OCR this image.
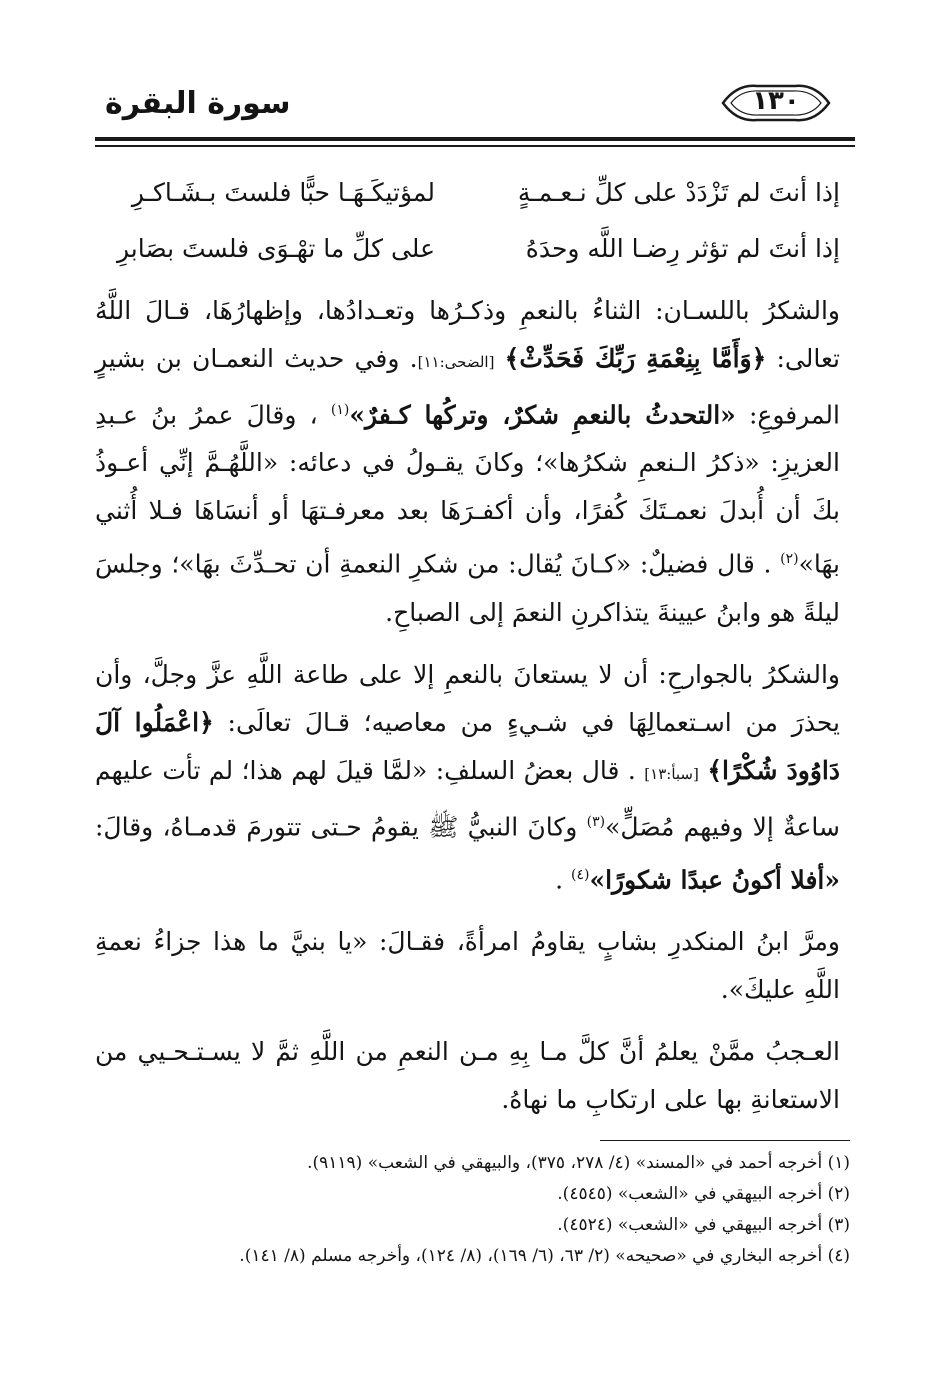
سورة البقرة	١٣٠
إذا أنتَ لم تَزْدَدْ على كلِّ نـعـمـةٍ
لمؤتيكَـهَـا حبًّا فلستَ بـشَـاكـرِ
إذا أنتَ لم تؤثر رِضـا اللَّه وحدَهُ
على كلِّ ما تهْـوَى فلستَ بصَابرِ

والشكرُ باللسـان: الثناءُ بالنعمِ وذكـرُها وتعـدادُها، وإظهارُهَا، قـالَ اللَّهُ تعالى: ﴿وَأَمَّا بِنِعْمَةِ رَبِّكَ فَحَدِّثْ﴾ [الضحى:١١]. وفي حديث النعمـان بن بشيرٍ المرفوعِ: «التحدثُ بالنعمِ شكرٌ، وتركُها كـفرٌ»$^{(١)}$ ، وقالَ عمرُ بنُ عـبدِ العزيزِ: «ذكرُ الـنعمِ شكرُها»؛ وكانَ يقـولُ في دعائه: «اللَّهُـمَّ إنِّي أعـوذُ بكَ أن أُبدلَ نعمـتَكَ كُفرًا، وأن أكفـرَهَا بعد معرفـتهَا أو أنسَاهَا فـلا أُثني بهَا»$^{(٢)}$ . قال فضيلٌ: «كـانَ يُقال: من شكرِ النعمةِ أن تحـدِّثَ بهَا»؛ وجلسَ ليلةً هو وابنُ عيينةَ يتذاكرنِ النعمَ إلى الصباحِ.

والشكرُ بالجوارحِ: أن لا يستعانَ بالنعمِ إلا على طاعة اللَّهِ عزَّ وجلَّ، وأن يحذرَ من اسـتعمالِهَا في شـيءٍ من معاصيه؛ قـالَ تعالَى: ﴿اعْمَلُوا آلَ دَاوُودَ شُكْرًا﴾ [سبأ:١٣] . قال بعضُ السلفِ: «لمَّا قيلَ لهم هذا؛ لم تأت عليهم ساعةٌ إلا وفيهم مُصَلٍّ»$^{(٣)}$ وكانَ النبيُّ ﷺ يقومُ حـتى تتورمَ قدمـاهُ، وقالَ: «أفلا أكونُ عبدًا شكورًا»$^{(٤)}$ .

ومرَّ ابنُ المنكدرِ بشابٍ يقاومُ امرأةً، فقـالَ: «يا بنيَّ ما هذا جزاءُ نعمةِ اللَّهِ عليكَ».

العـجبُ ممَّنْ يعلمُ أنَّ كلَّ مـا بِهِ مـن النعمِ من اللَّهِ ثمَّ لا يسـتـحـيي من الاستعانةِ بها على ارتكابِ ما نهاهُ.

(١) أخرجه أحمد في «المسند» (٤/ ٢٧٨، ٣٧٥)، والبيهقي في الشعب» (٩١١٩).

(٢) أخرجه البيهقي في «الشعب» (٤٥٤٥).

(٣) أخرجه البيهقي في «الشعب» (٤٥٢٤).

(٤) أخرجه البخاري في «صحيحه» (٢/ ٦٣، (٦/ ١٦٩)، (٨/ ١٢٤)، وأخرجه مسلم (٨/ ١٤١).
